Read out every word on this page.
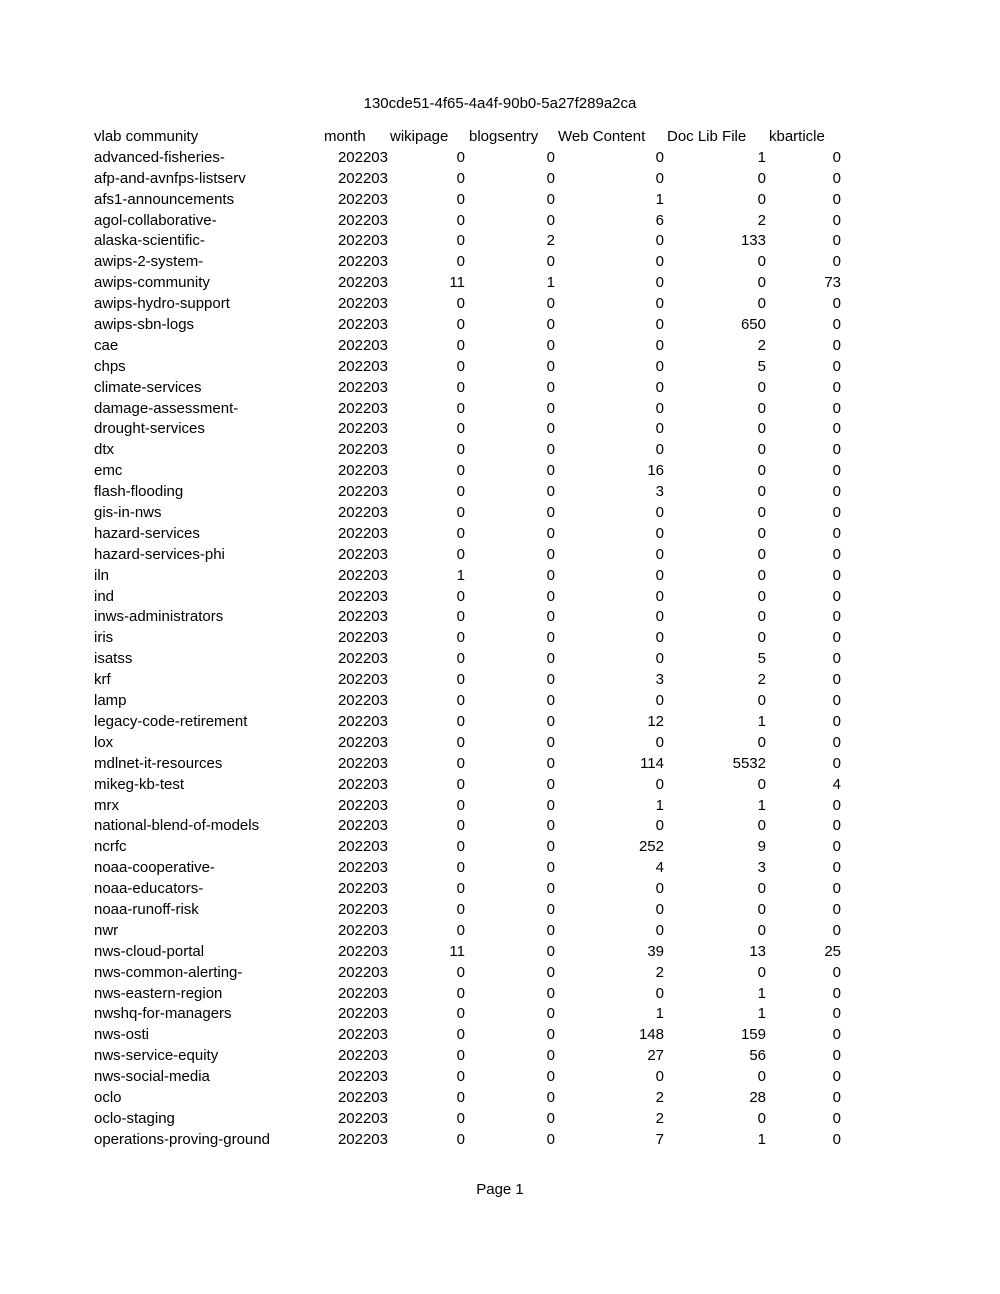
130cde51-4f65-4a4f-90b0-5a27f289a2ca
vlab community	month	wikipage	blogsentry	Web Content	Doc Lib File	kbarticle
advanced-fisheries-	202203	0	0	0	1	0
afp-and-avnfps-listserv	202203	0	0	0	0	0
afs1-announcements	202203	0	0	1	0	0
agol-collaborative-	202203	0	0	6	2	0
alaska-scientific-	202203	0	2	0	133	0
awips-2-system-	202203	0	0	0	0	0
awips-community	202203	11	1	0	0	73
awips-hydro-support	202203	0	0	0	0	0
awips-sbn-logs	202203	0	0	0	650	0
cae	202203	0	0	0	2	0
chps	202203	0	0	0	5	0
climate-services	202203	0	0	0	0	0
damage-assessment-	202203	0	0	0	0	0
drought-services	202203	0	0	0	0	0
dtx	202203	0	0	0	0	0
emc	202203	0	0	16	0	0
flash-flooding	202203	0	0	3	0	0
gis-in-nws	202203	0	0	0	0	0
hazard-services	202203	0	0	0	0	0
hazard-services-phi	202203	0	0	0	0	0
iln	202203	1	0	0	0	0
ind	202203	0	0	0	0	0
inws-administrators	202203	0	0	0	0	0
iris	202203	0	0	0	0	0
isatss	202203	0	0	0	5	0
krf	202203	0	0	3	2	0
lamp	202203	0	0	0	0	0
legacy-code-retirement	202203	0	0	12	1	0
lox	202203	0	0	0	0	0
mdlnet-it-resources	202203	0	0	114	5532	0
mikeg-kb-test	202203	0	0	0	0	4
mrx	202203	0	0	1	1	0
national-blend-of-models	202203	0	0	0	0	0
ncrfc	202203	0	0	252	9	0
noaa-cooperative-	202203	0	0	4	3	0
noaa-educators-	202203	0	0	0	0	0
noaa-runoff-risk	202203	0	0	0	0	0
nwr	202203	0	0	0	0	0
nws-cloud-portal	202203	11	0	39	13	25
nws-common-alerting-	202203	0	0	2	0	0
nws-eastern-region	202203	0	0	0	1	0
nwshq-for-managers	202203	0	0	1	1	0
nws-osti	202203	0	0	148	159	0
nws-service-equity	202203	0	0	27	56	0
nws-social-media	202203	0	0	0	0	0
oclo	202203	0	0	2	28	0
oclo-staging	202203	0	0	2	0	0
operations-proving-ground	202203	0	0	7	1	0
Page 1
